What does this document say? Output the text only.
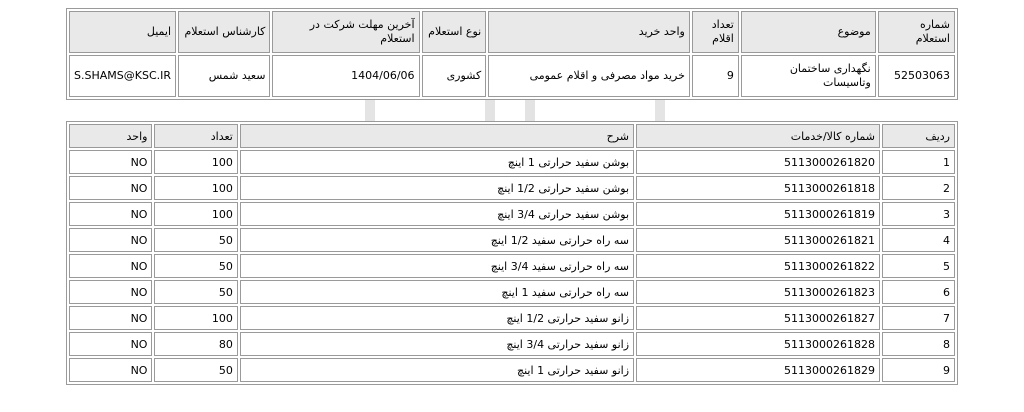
شماره استعلام	موضوع	تعداد اقلام	واحد خرید	نوع استعلام	آخرین مهلت شرکت در استعلام	کارشناس استعلام	ایمیل
52503063	نگهداری ساختمان وتاسیسات	9	خرید مواد مصرفی و اقلام عمومی	کشوری	1404/06/06	سعید شمس	S.SHAMS@KSC.IR
ردیف	شماره کالا/خدمات	شرح	تعداد	واحد
1	5113000261820	بوشن سفید حرارتی 1 اینچ	100	NO
2	5113000261818	بوشن سفید حرارتی 1/2 اینچ	100	NO
3	5113000261819	بوشن سفید حرارتی 3/4 اینچ	100	NO
4	5113000261821	سه راه حرارتی سفید 1/2 اینچ	50	NO
5	5113000261822	سه راه حرارتی سفید 3/4 اینچ	50	NO
6	5113000261823	سه راه حرارتی سفید 1 اینچ	50	NO
7	5113000261827	زانو سفید حرارتی 1/2 اینچ	100	NO
8	5113000261828	زانو سفید حرارتی 3/4 اینچ	80	NO
9	5113000261829	زانو سفید حرارتی 1 اینچ	50	NO
